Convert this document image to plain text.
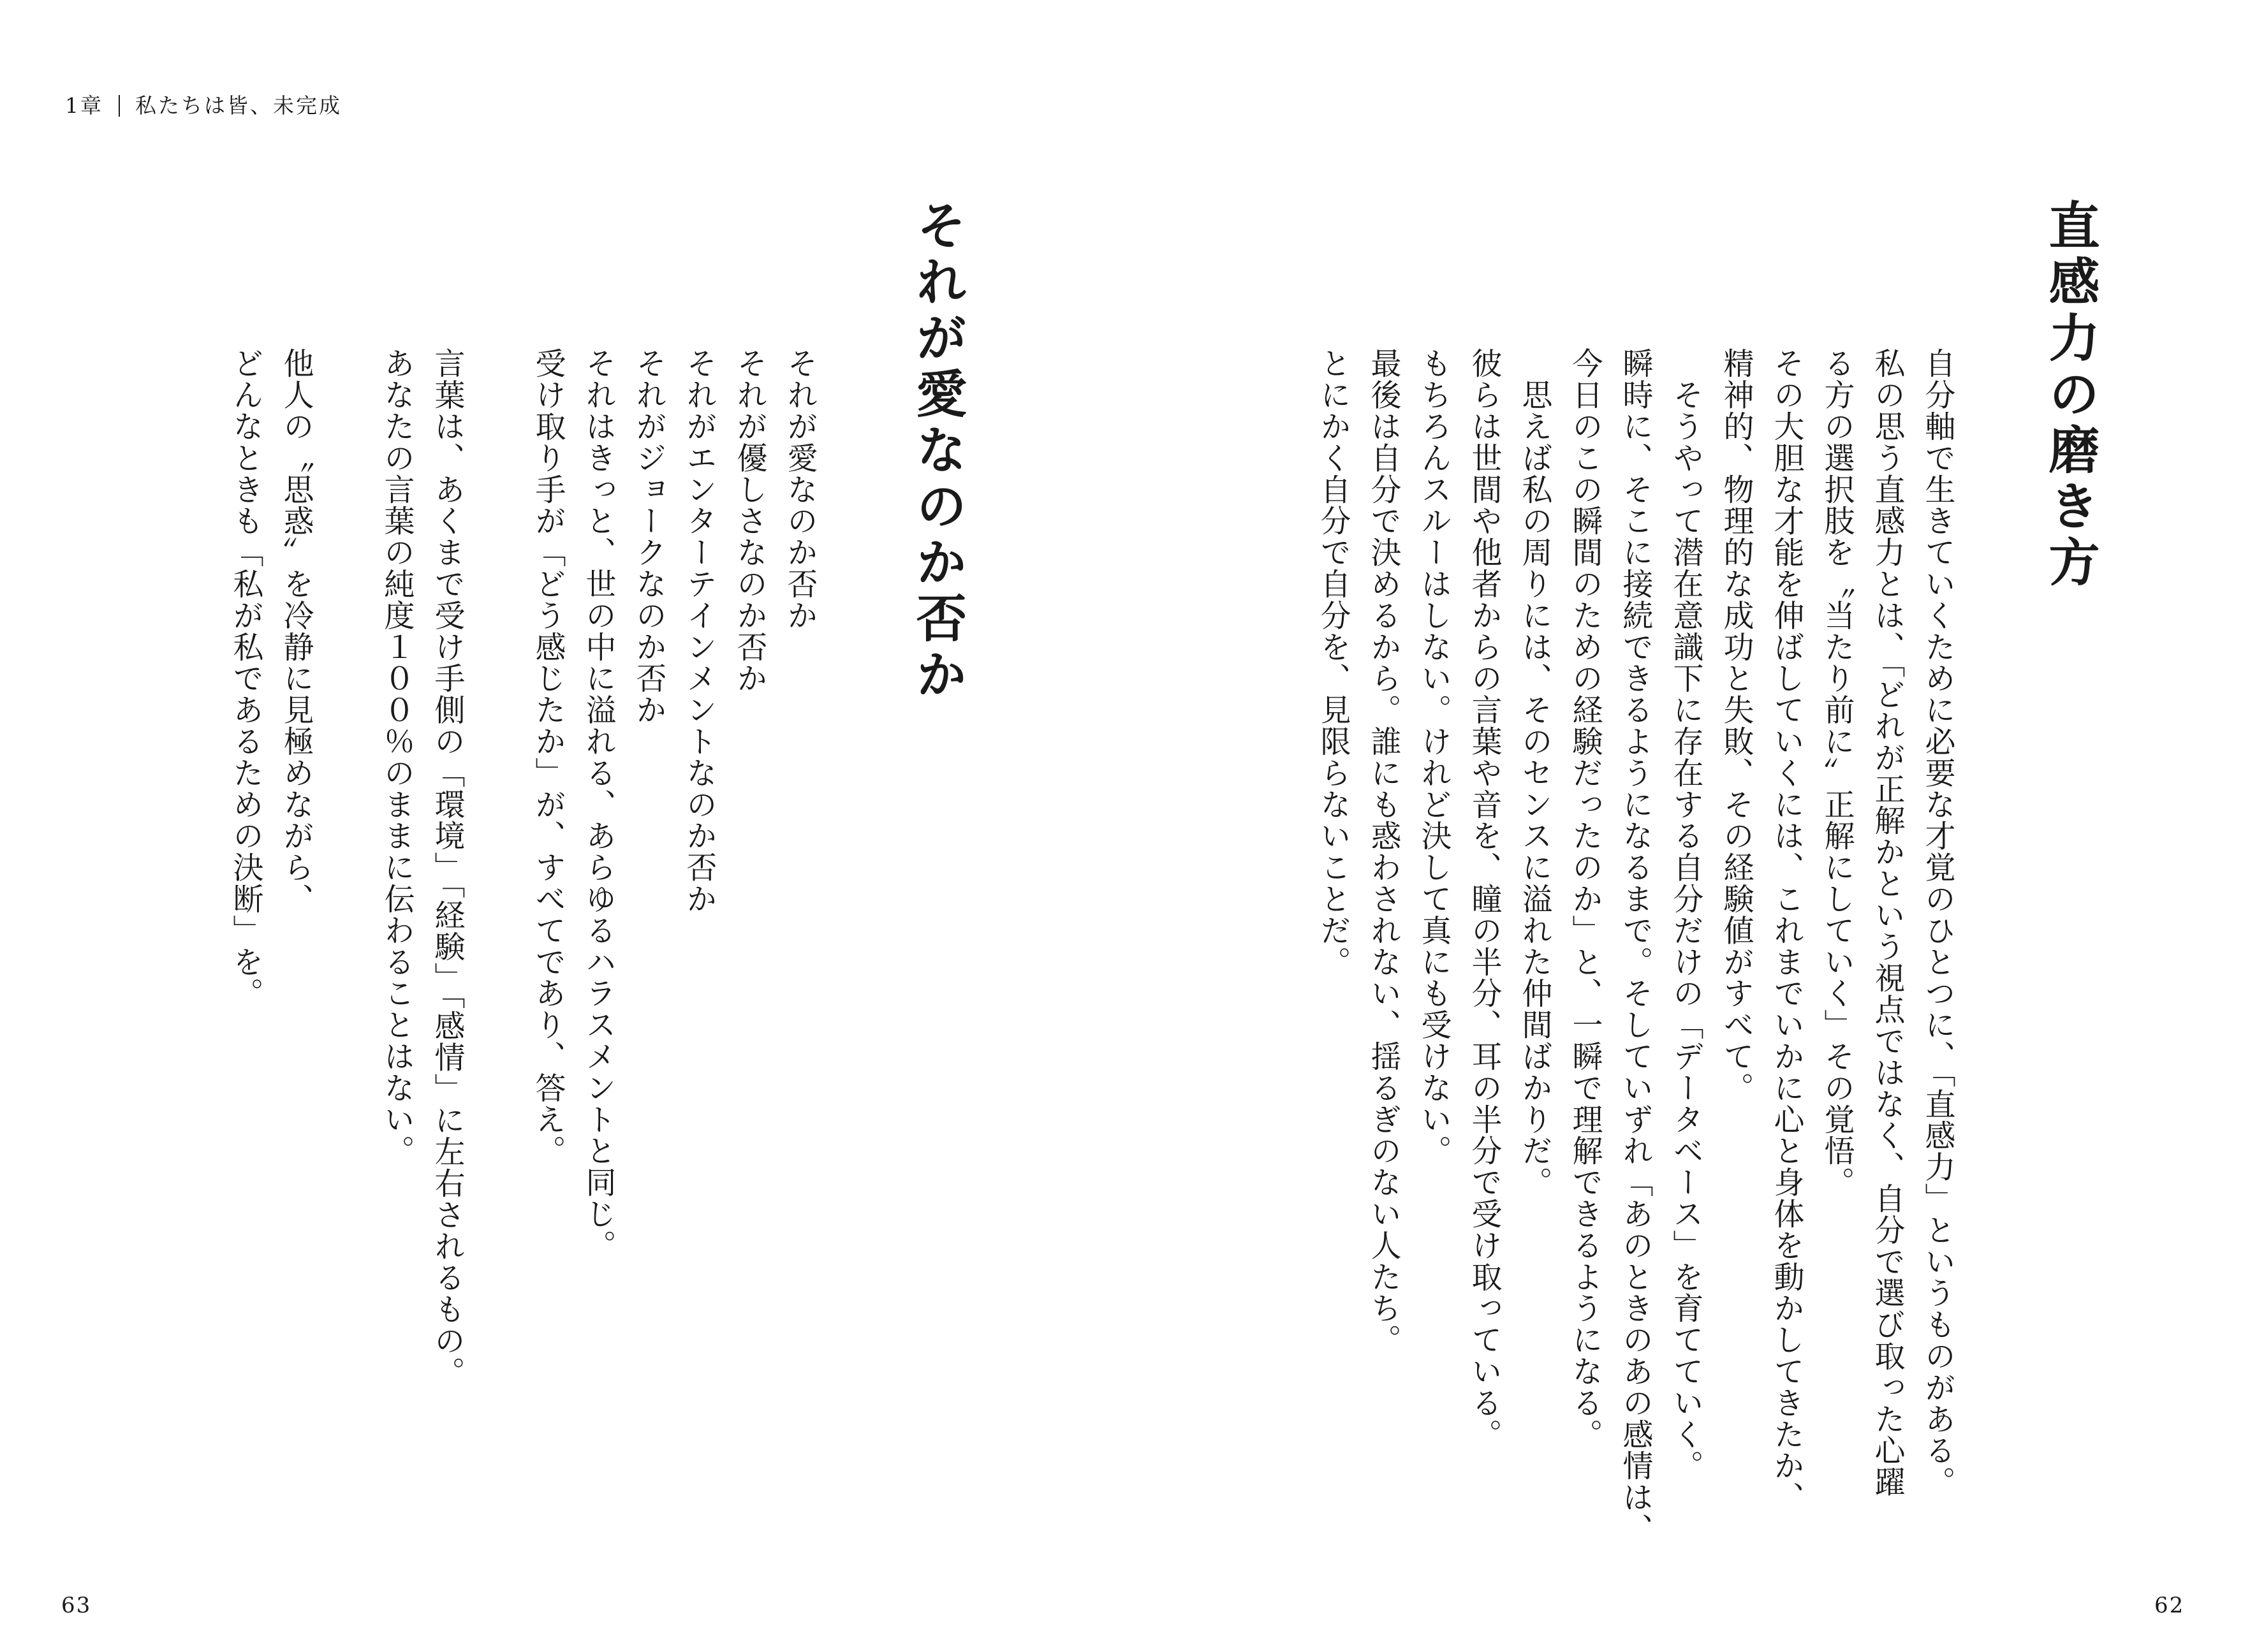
1章 私たちは皆、未完成
直感力の磨き方

自分軸で生きていくために必要な才覚のひとつに、「直感力」というものがある。
私の思う直感力とは、「どれが正解かという視点ではなく、自分で選び取った心躍
る方の選択肢を〝当たり前に〟正解にしていく」その覚悟。
その大胆な才能を伸ばしていくには、これまでいかに心と身体を動かしてきたか、
精神的、物理的な成功と失敗、その経験値がすべて。
　そうやって潜在意識下に存在する自分だけの「データベース」を育てていく。
瞬時に、そこに接続できるようになるまで。そしていずれ「あのときのあの感情は、
今日のこの瞬間のための経験だったのか」と、一瞬で理解できるようになる。
　思えば私の周りには、そのセンスに溢れた仲間ばかりだ。
彼らは世間や他者からの言葉や音を、瞳の半分、耳の半分で受け取っている。
もちろんスルーはしない。けれど決して真にも受けない。
最後は自分で決めるから。誰にも惑わされない、揺るぎのない人たち。
とにかく自分で自分を、見限らないことだ。

それが愛なのか否か

それが愛なのか否か
それが優しさなのか否か
それがエンターテインメントなのか否か
それがジョークなのか否か
それはきっと、世の中に溢れる、あらゆるハラスメントと同じ。
受け取り手が「どう感じたか」が、すべてであり、答え。

言葉は、あくまで受け手側の「環境」「経験」「感情」に左右されるもの。
あなたの言葉の純度１００％のままに伝わることはない。

他人の〝思惑〟を冷静に見極めながら、
どんなときも「私が私であるための決断」を。

63	62
